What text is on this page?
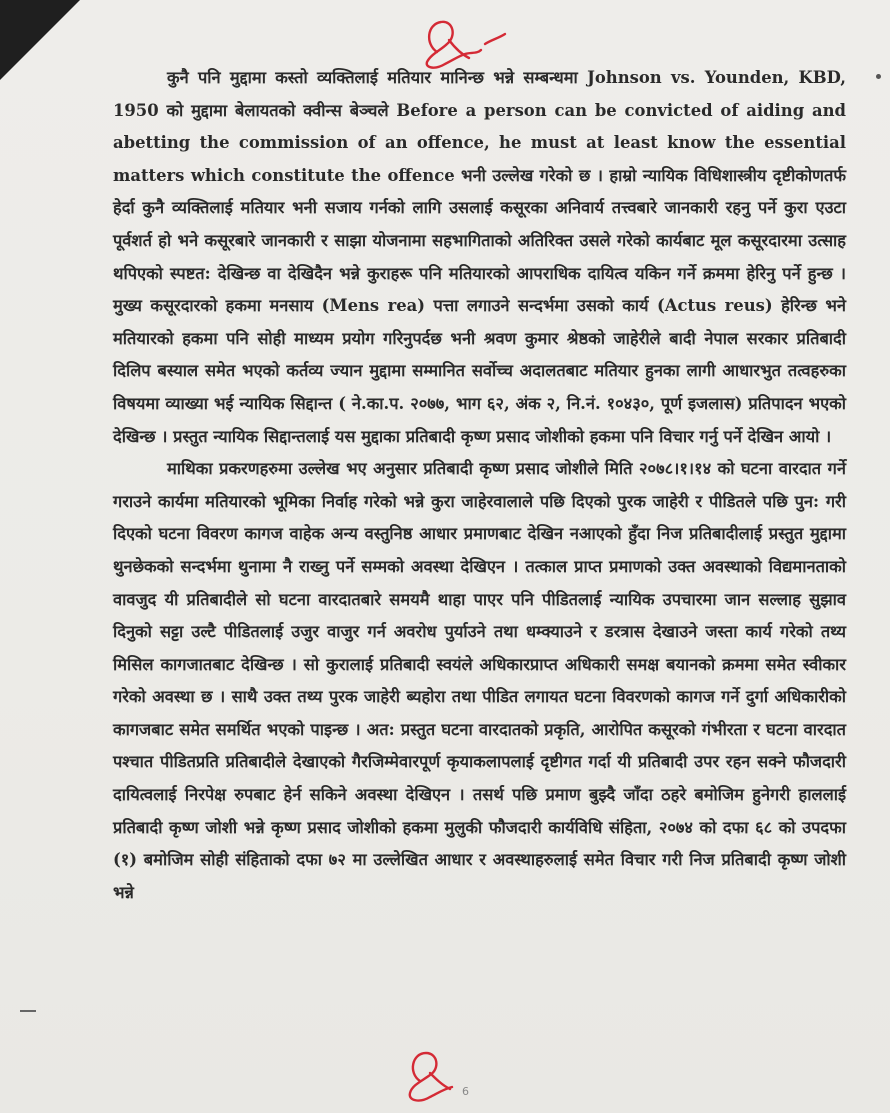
कुनै पनि मुद्दामा कस्तो व्यक्तिलाई मतियार मानिन्छ भन्ने सम्बन्धमा Johnson vs. Younden, KBD, 1950 को मुद्दामा बेलायतको क्वीन्स बेञ्चले Before a person can be convicted of aiding and abetting the commission of an offence, he must at least know the essential matters which constitute the offence भनी उल्लेख गरेको छ । हाम्रो न्यायिक विधिशास्त्रीय दृष्टीकोणतर्फ हेर्दा कुनै व्यक्तिलाई मतियार भनी सजाय गर्नको लागि उसलाई कसूरका अनिवार्य तत्त्वबारे जानकारी रहनु पर्ने कुरा एउटा पूर्वशर्त हो भने कसूरबारे जानकारी र साझा योजनामा सहभागिताको अतिरिक्त उसले गरेको कार्यबाट मूल कसूरदारमा उत्साह थपिएको स्पष्टत: देखिन्छ वा देखिदैन भन्ने कुराहरू पनि मतियारको आपराधिक दायित्व यकिन गर्ने क्रममा हेरिनु पर्ने हुन्छ । मुख्य कसूरदारको हकमा मनसाय (Mens rea) पत्ता लगाउने सन्दर्भमा उसको कार्य (Actus reus) हेरिन्छ भने मतियारको हकमा पनि सोही माध्यम प्रयोग गरिनुपर्दछ भनी श्रवण कुमार श्रेष्ठको जाहेरीले बादी नेपाल सरकार प्रतिबादी दिलिप बस्याल समेत भएको कर्तव्य ज्यान मुद्दामा सम्मानित सर्वोच्च अदालतबाट मतियार हुनका लागी आधारभुत तत्वहरुका विषयमा व्याख्या भई न्यायिक सिद्दान्त ( ने.का.प. २०७७, भाग ६२, अंक २, नि.नं. १०४३०, पूर्ण इजलास) प्रतिपादन भएको देखिन्छ । प्रस्तुत न्यायिक सिद्दान्तलाई यस मुद्दाका प्रतिबादी कृष्ण प्रसाद जोशीको हकमा पनि विचार गर्नु पर्ने देखिन आयो ।

माथिका प्रकरणहरुमा उल्लेख भए अनुसार प्रतिबादी कृष्ण प्रसाद जोशीले मिति २०७८।१।१४ को घटना वारदात गर्ने गराउने कार्यमा मतियारको भूमिका निर्वाह गरेको भन्ने कुरा जाहेरवालाले पछि दिएको पुरक जाहेरी र पीडितले पछि पुन: गरी दिएको घटना विवरण कागज वाहेक अन्य वस्तुनिष्ठ आधार प्रमाणबाट देखिन नआएको हुँदा निज प्रतिबादीलाई प्रस्तुत मुद्दामा थुनछेकको सन्दर्भमा थुनामा नै राख्नु पर्ने सम्मको अवस्था देखिएन । तत्काल प्राप्त प्रमाणको उक्त अवस्थाको विद्यमानताको वावजुद यी प्रतिबादीले सो घटना वारदातबारे समयमै थाहा पाएर पनि पीडितलाई न्यायिक उपचारमा जान सल्लाह सुझाव दिनुको सट्टा उल्टै पीडितलाई उजुर वाजुर गर्न अवरोध पुर्याउने तथा धम्क्याउने र डरत्रास देखाउने जस्ता कार्य गरेको तथ्य मिसिल कागजातबाट देखिन्छ । सो कुरालाई प्रतिबादी स्वयंले अधिकारप्राप्त अधिकारी समक्ष बयानको क्रममा समेत स्वीकार गरेको अवस्था छ । साथै उक्त तथ्य पुरक जाहेरी ब्यहोरा तथा पीडित लगायत घटना विवरणको कागज गर्ने दुर्गा अधिकारीको कागजबाट समेत समर्थित भएको पाइन्छ । अत: प्रस्तुत घटना वारदातको प्रकृति, आरोपित कसूरको गंभीरता र घटना वारदात पश्चात पीडितप्रति प्रतिबादीले देखाएको गैरजिम्मेवारपूर्ण कृयाकलापलाई दृष्टीगत गर्दा यी प्रतिबादी उपर रहन सक्ने फौजदारी दायित्वलाई निरपेक्ष रुपबाट हेर्न सकिने अवस्था देखिएन । तसर्थ पछि प्रमाण बुझ्दै जाँदा ठहरे बमोजिम हुनेगरी हाललाई प्रतिबादी कृष्ण जोशी भन्ने कृष्ण प्रसाद जोशीको हकमा मुलुकी फौजदारी कार्यविधि संहिता, २०७४ को दफा ६८ को उपदफा (१) बमोजिम सोही संहिताको दफा ७२ मा उल्लेखित आधार र अवस्थाहरुलाई समेत विचार गरी निज प्रतिबादी कृष्ण जोशी भन्ने

6
